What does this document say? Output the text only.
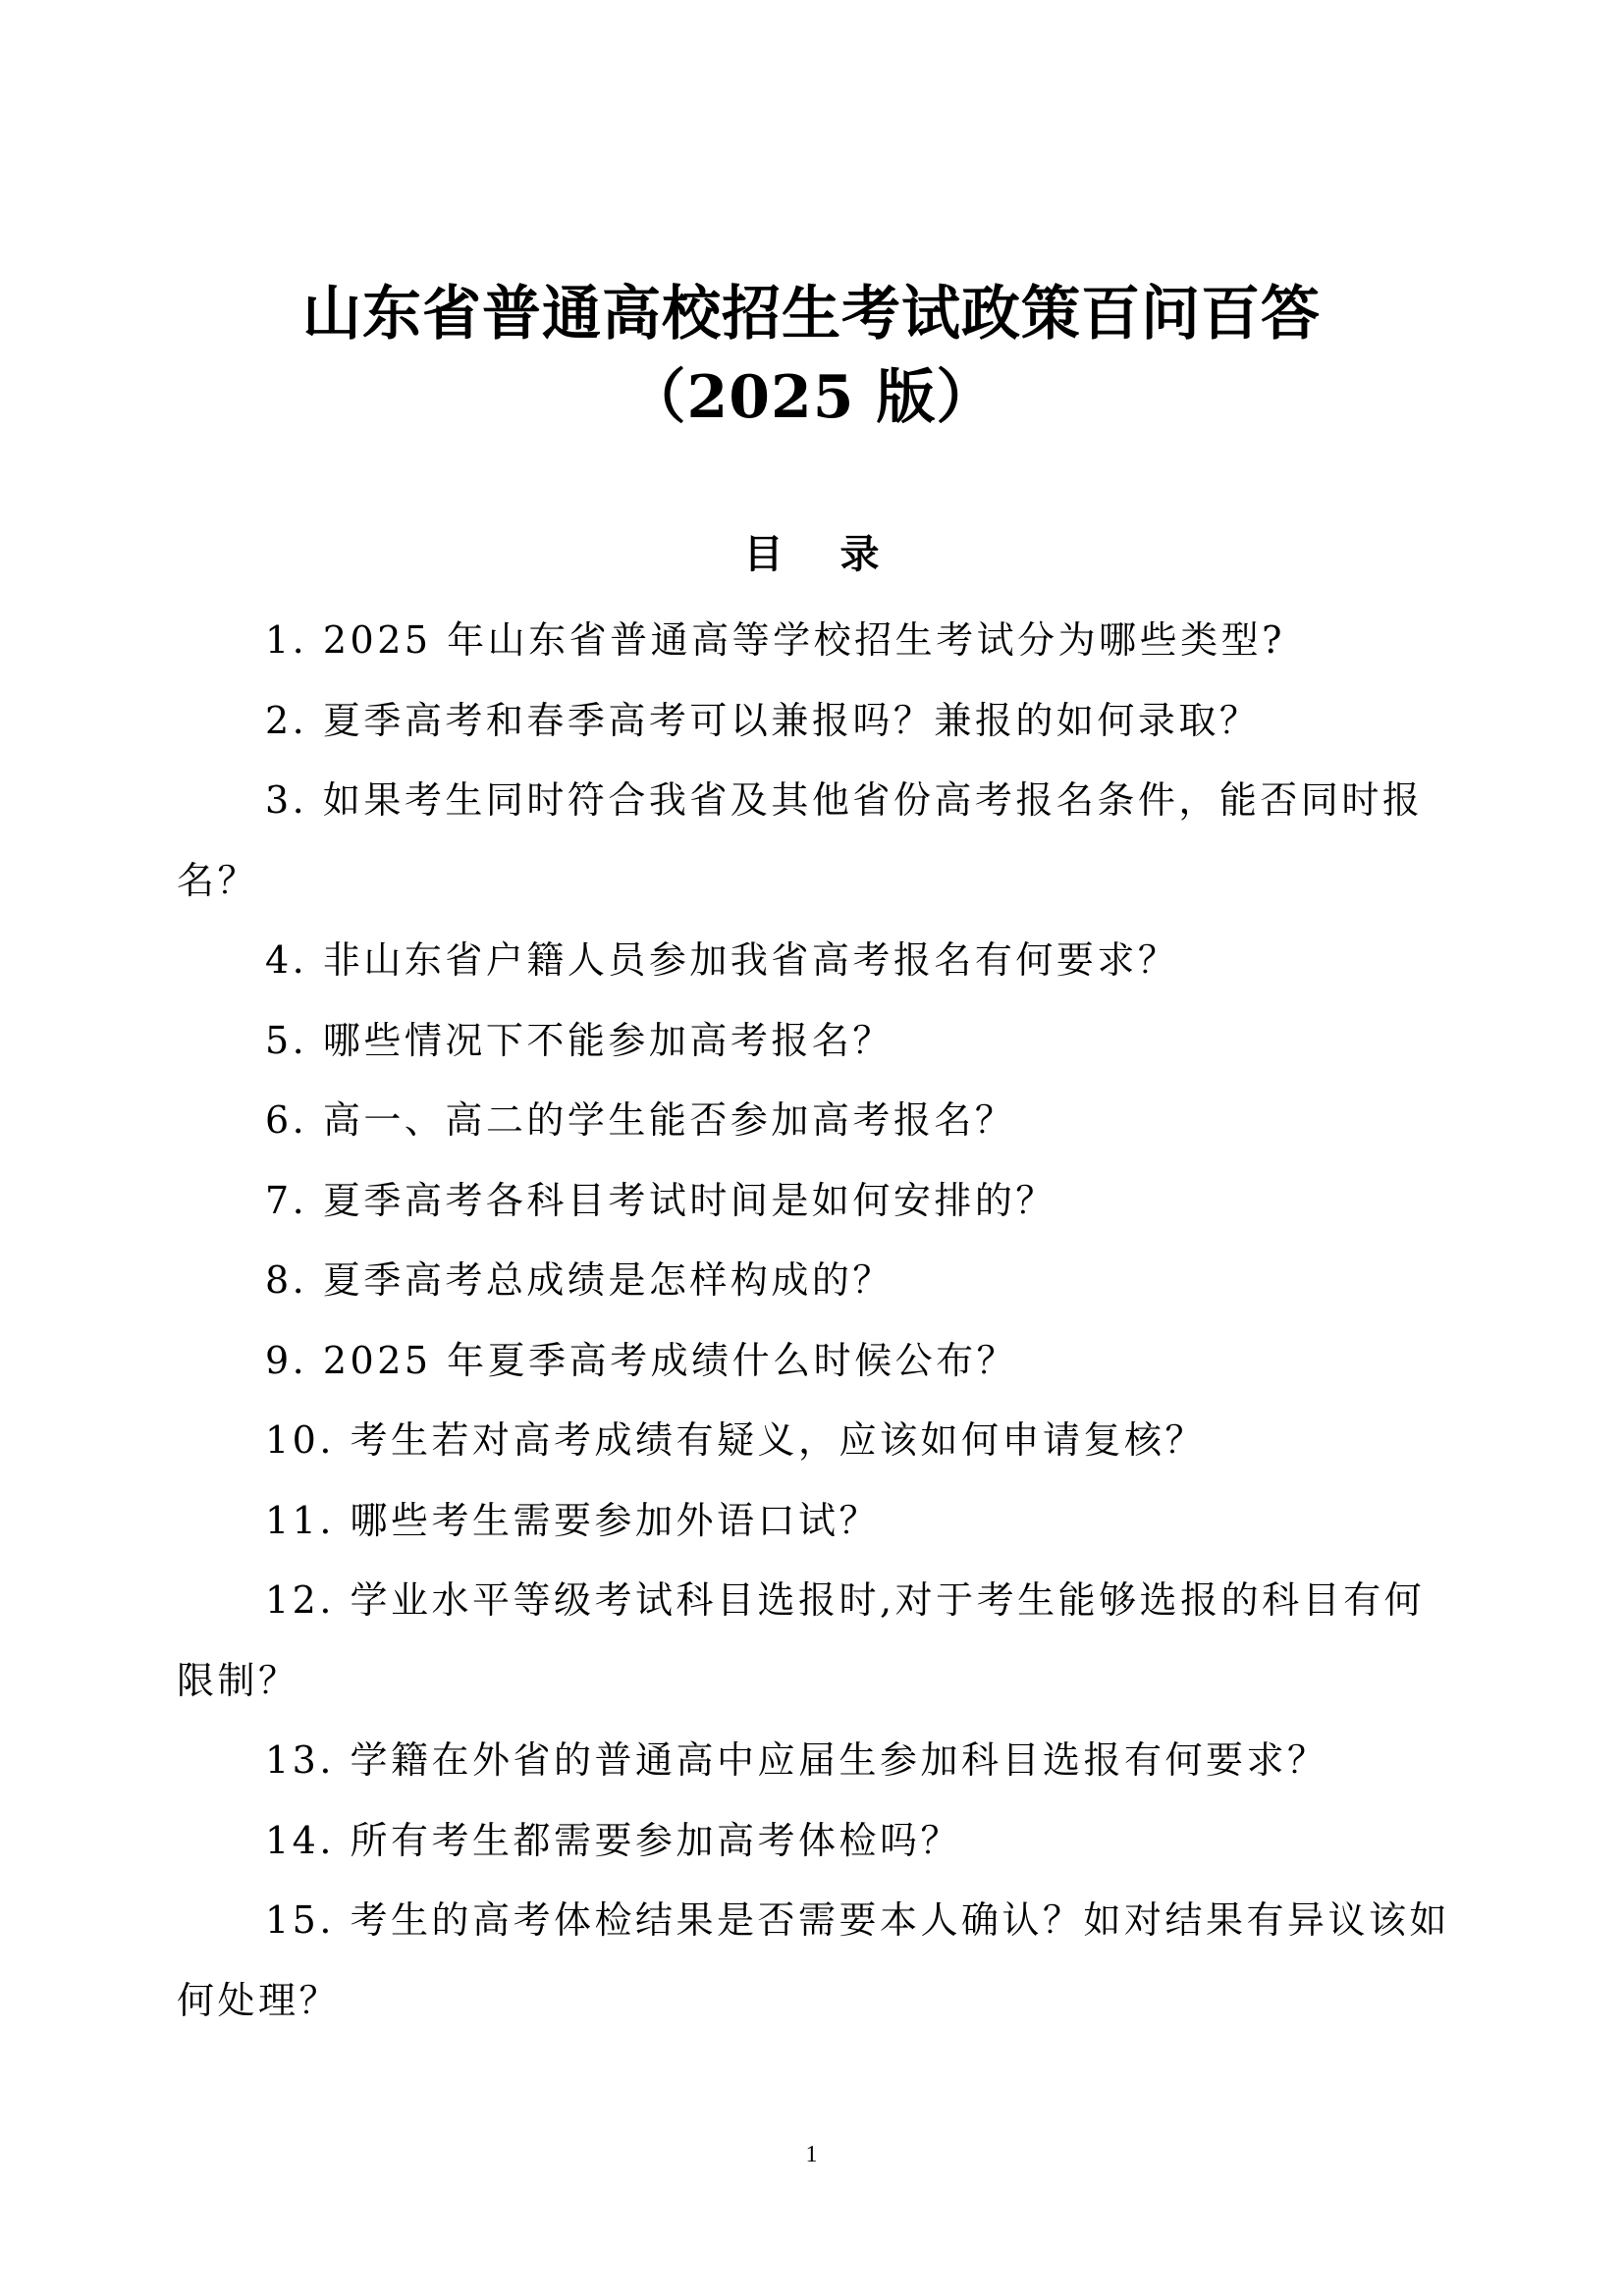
山东省普通高校招生考试政策百问百答
（2025 版）
目 录
1. 2025 年山东省普通高等学校招生考试分为哪些类型?
2. 夏季高考和春季高考可以兼报吗？兼报的如何录取？
3. 如果考生同时符合我省及其他省份高考报名条件，能否同时报名？
4. 非山东省户籍人员参加我省高考报名有何要求？
5. 哪些情况下不能参加高考报名？
6. 高一、高二的学生能否参加高考报名？
7. 夏季高考各科目考试时间是如何安排的？
8. 夏季高考总成绩是怎样构成的？
9. 2025 年夏季高考成绩什么时候公布？
10. 考生若对高考成绩有疑义，应该如何申请复核？
11. 哪些考生需要参加外语口试？
12. 学业水平等级考试科目选报时,对于考生能够选报的科目有何限制？
13. 学籍在外省的普通高中应届生参加科目选报有何要求？
14. 所有考生都需要参加高考体检吗？
15. 考生的高考体检结果是否需要本人确认？如对结果有异议该如何处理？
1
